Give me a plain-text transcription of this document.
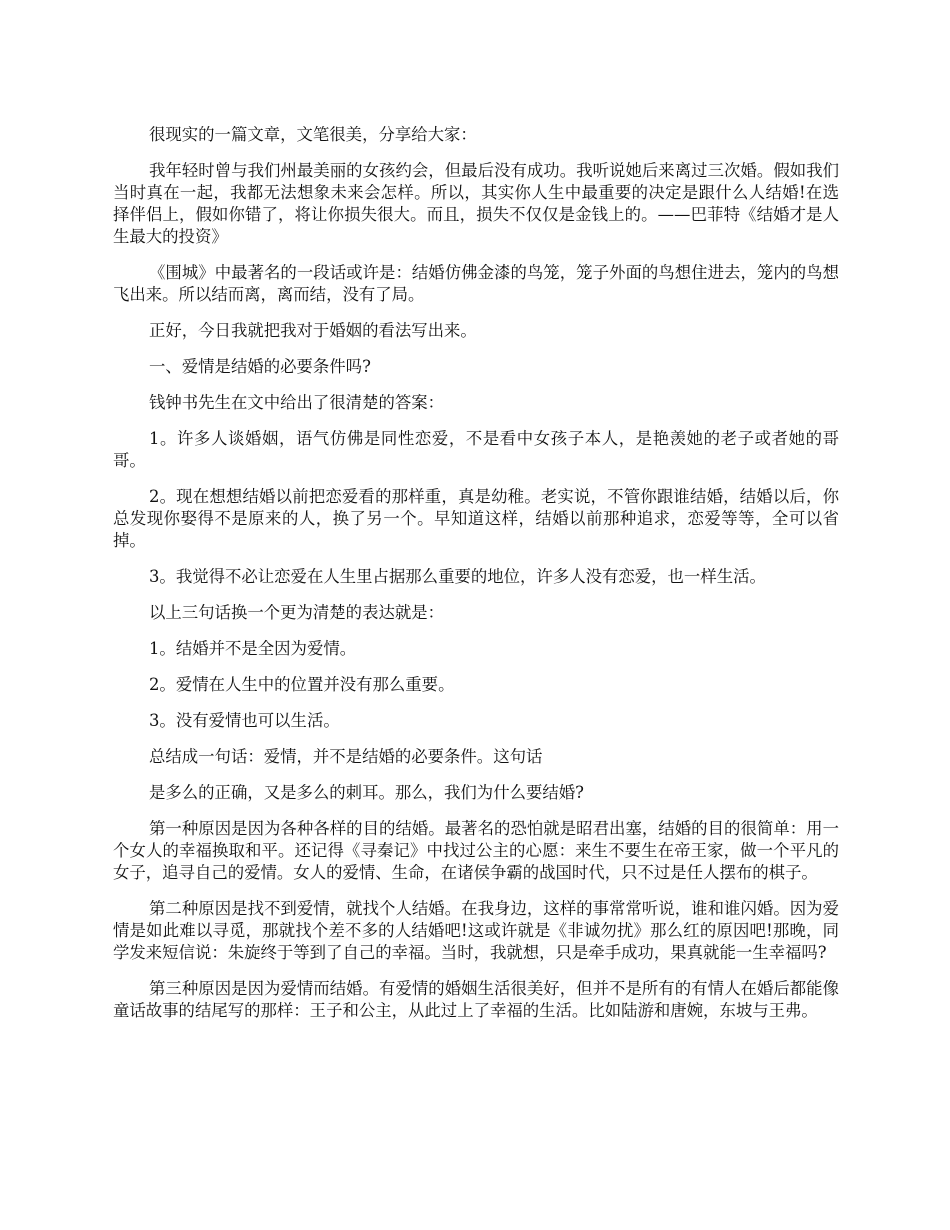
很现实的一篇文章，文笔很美，分享给大家：

我年轻时曾与我们州最美丽的女孩约会，但最后没有成功。我听说她后来离过三次婚。假如我们当时真在一起，我都无法想象未来会怎样。所以，其实你人生中最重要的决定是跟什么人结婚!在选择伴侣上，假如你错了，将让你损失很大。而且，损失不仅仅是金钱上的。——巴菲特《结婚才是人生最大的投资》

《围城》中最著名的一段话或许是：结婚仿佛金漆的鸟笼，笼子外面的鸟想住进去，笼内的鸟想飞出来。所以结而离，离而结，没有了局。

正好，今日我就把我对于婚姻的看法写出来。

一、爱情是结婚的必要条件吗?

钱钟书先生在文中给出了很清楚的答案：

1。许多人谈婚姻，语气仿佛是同性恋爱，不是看中女孩子本人，是艳羡她的老子或者她的哥哥。

2。现在想想结婚以前把恋爱看的那样重，真是幼稚。老实说，不管你跟谁结婚，结婚以后，你总发现你娶得不是原来的人，换了另一个。早知道这样，结婚以前那种追求，恋爱等等，全可以省掉。

3。我觉得不必让恋爱在人生里占据那么重要的地位，许多人没有恋爱，也一样生活。

以上三句话换一个更为清楚的表达就是：

1。结婚并不是全因为爱情。

2。爱情在人生中的位置并没有那么重要。

3。没有爱情也可以生活。

总结成一句话：爱情，并不是结婚的必要条件。这句话

是多么的正确，又是多么的刺耳。那么，我们为什么要结婚?

第一种原因是因为各种各样的目的结婚。最著名的恐怕就是昭君出塞，结婚的目的很简单：用一个女人的幸福换取和平。还记得《寻秦记》中找过公主的心愿：来生不要生在帝王家，做一个平凡的女子，追寻自己的爱情。女人的爱情、生命，在诸侯争霸的战国时代，只不过是任人摆布的棋子。

第二种原因是找不到爱情，就找个人结婚。在我身边，这样的事常常听说，谁和谁闪婚。因为爱情是如此难以寻觅，那就找个差不多的人结婚吧!这或许就是《非诚勿扰》那么红的原因吧!那晚，同学发来短信说：朱旋终于等到了自己的幸福。当时，我就想，只是牵手成功，果真就能一生幸福吗?

第三种原因是因为爱情而结婚。有爱情的婚姻生活很美好，但并不是所有的有情人在婚后都能像童话故事的结尾写的那样：王子和公主，从此过上了幸福的生活。比如陆游和唐婉，东坡与王弗。
